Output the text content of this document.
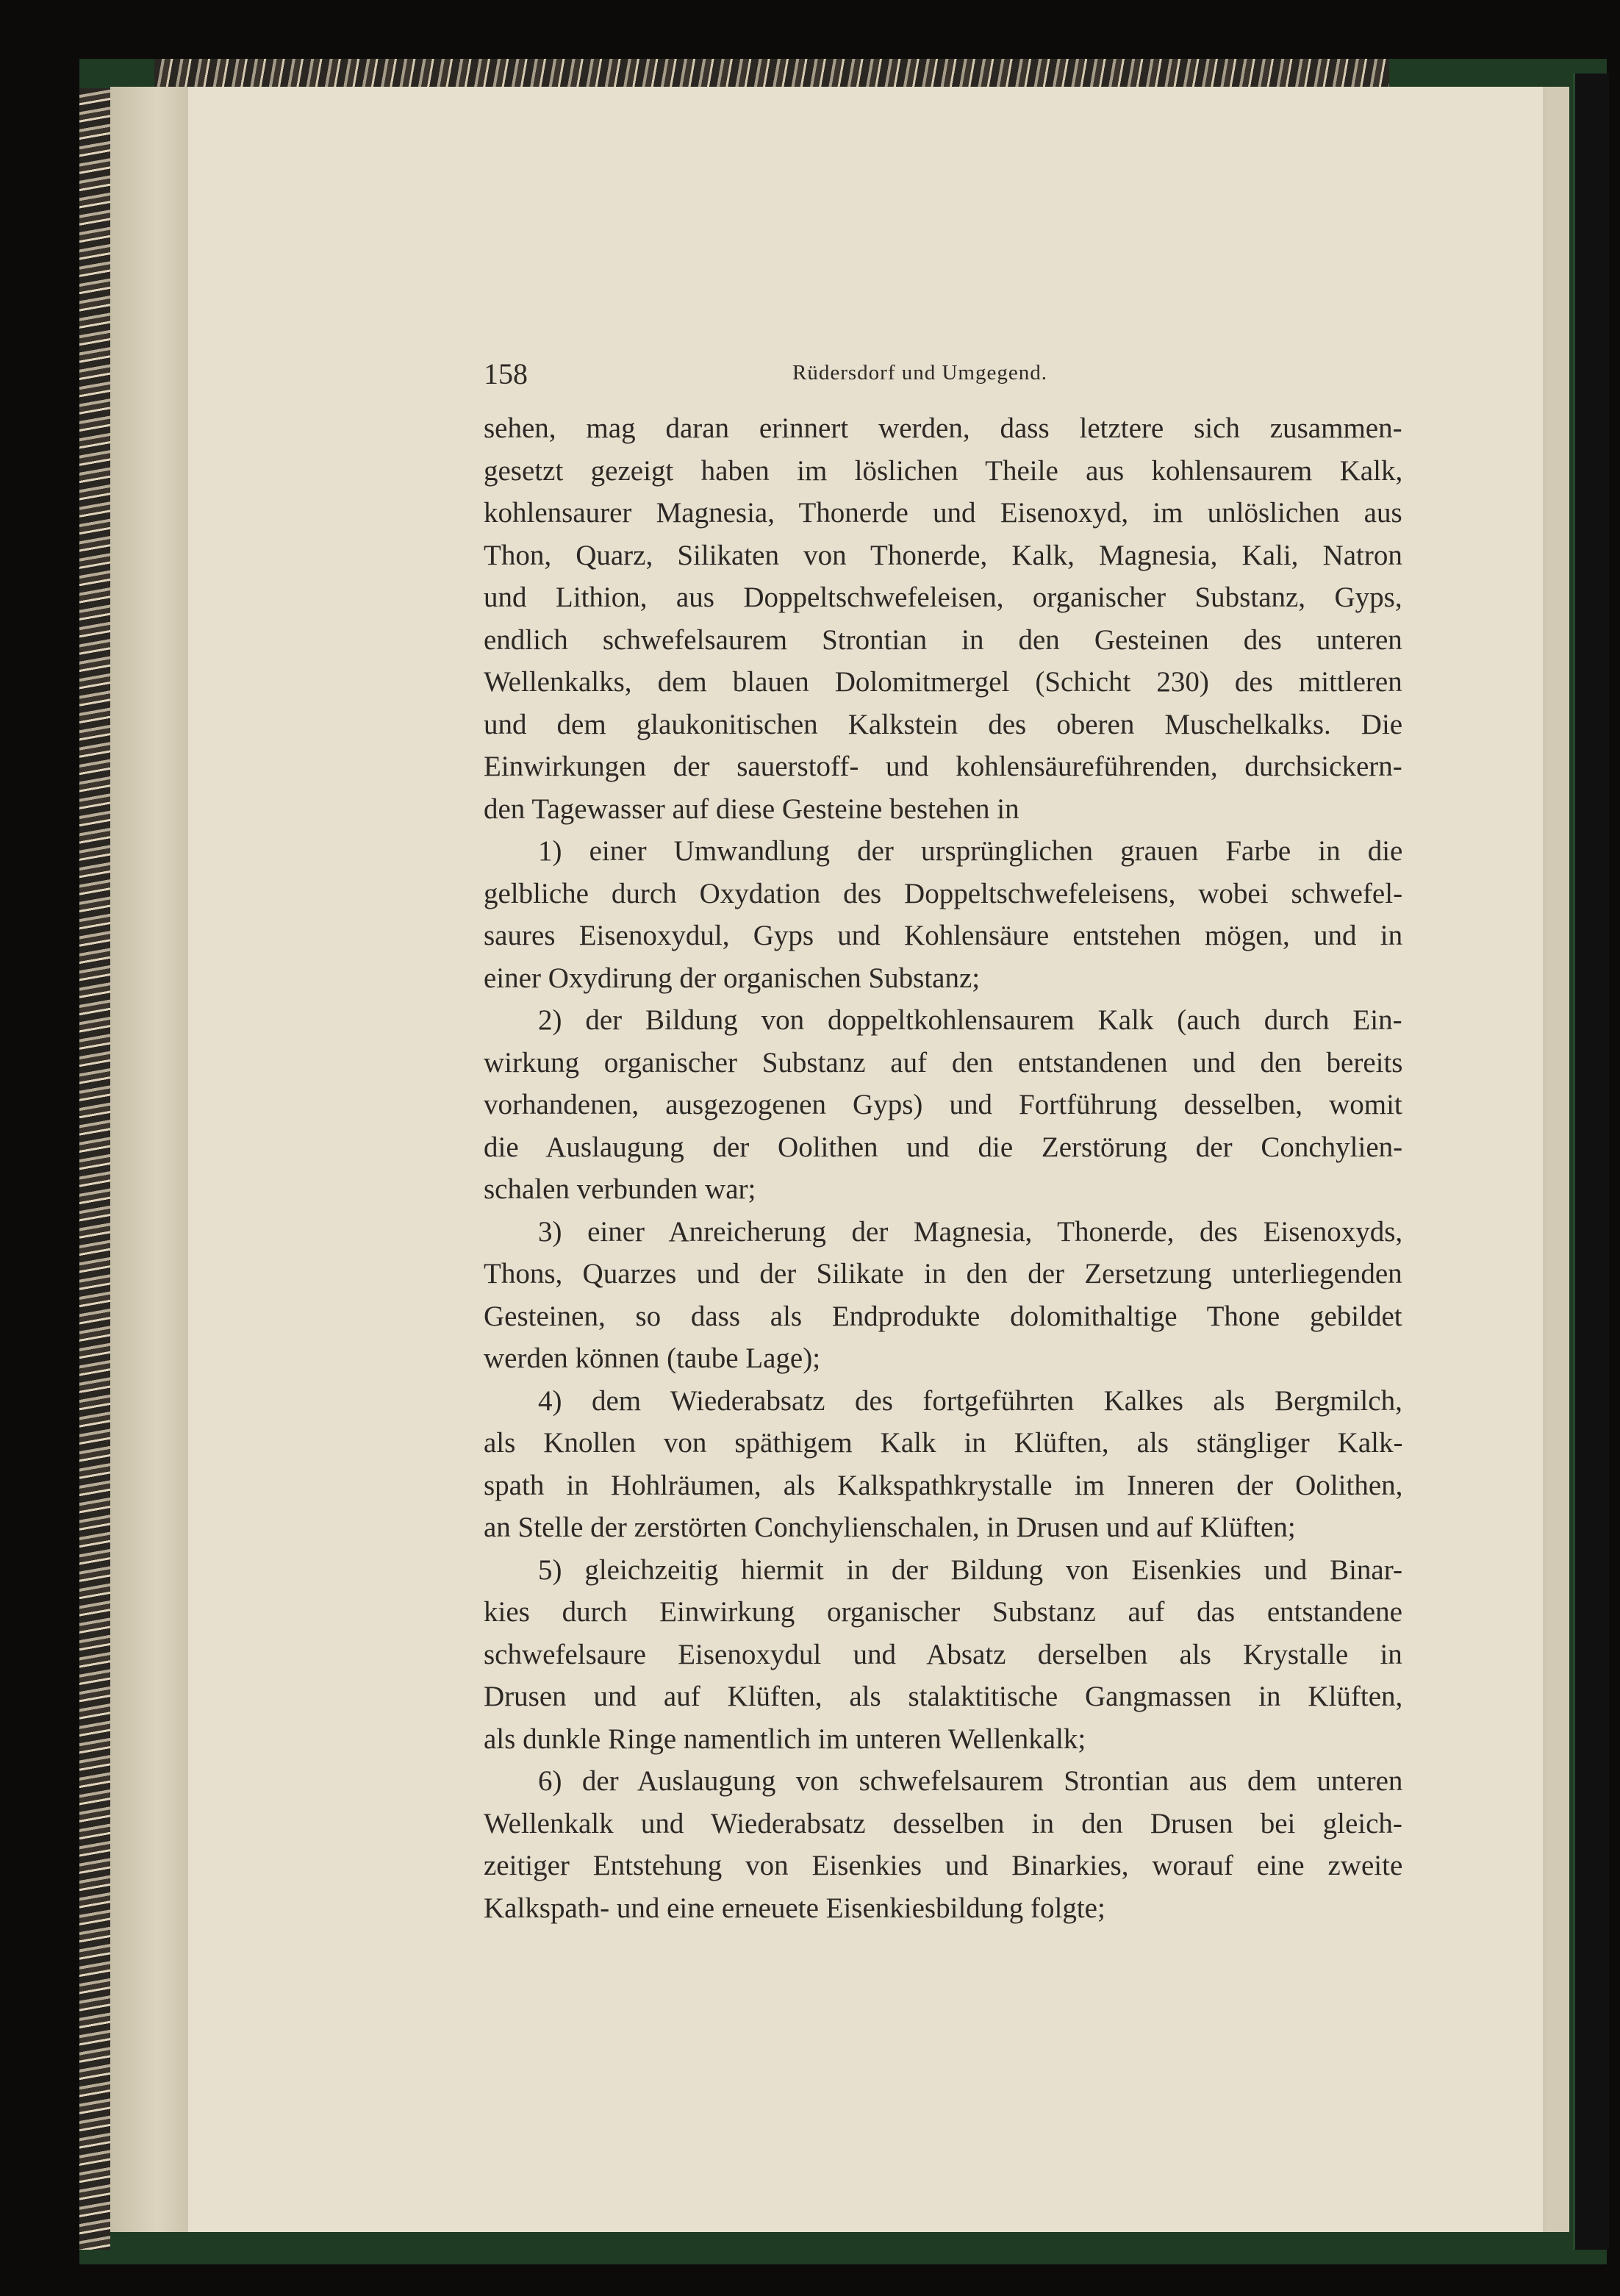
158	Rüdersdorf und Umgegend.
sehen, mag daran erinnert werden, dass letztere sich zusammen-
gesetzt gezeigt haben im löslichen Theile aus kohlensaurem Kalk,
kohlensaurer Magnesia, Thonerde und Eisenoxyd, im unlöslichen aus
Thon, Quarz, Silikaten von Thonerde, Kalk, Magnesia, Kali, Natron
und Lithion, aus Doppeltschwefeleisen, organischer Substanz, Gyps,
endlich schwefelsaurem Strontian in den Gesteinen des unteren
Wellenkalks, dem blauen Dolomitmergel (Schicht 230) des mittleren
und dem glaukonitischen Kalkstein des oberen Muschelkalks. Die
Einwirkungen der sauerstoff- und kohlensäureführenden, durchsickern-
den Tagewasser auf diese Gesteine bestehen in
1) einer Umwandlung der ursprünglichen grauen Farbe in die
gelbliche durch Oxydation des Doppeltschwefeleisens, wobei schwefel-
saures Eisenoxydul, Gyps und Kohlensäure entstehen mögen, und in
einer Oxydirung der organischen Substanz;
2) der Bildung von doppeltkohlensaurem Kalk (auch durch Ein-
wirkung organischer Substanz auf den entstandenen und den bereits
vorhandenen, ausgezogenen Gyps) und Fortführung desselben, womit
die Auslaugung der Oolithen und die Zerstörung der Conchylien-
schalen verbunden war;
3) einer Anreicherung der Magnesia, Thonerde, des Eisenoxyds,
Thons, Quarzes und der Silikate in den der Zersetzung unterliegenden
Gesteinen, so dass als Endprodukte dolomithaltige Thone gebildet
werden können (taube Lage);
4) dem Wiederabsatz des fortgeführten Kalkes als Bergmilch,
als Knollen von späthigem Kalk in Klüften, als stängliger Kalk-
spath in Hohlräumen, als Kalkspathkrystalle im Inneren der Oolithen,
an Stelle der zerstörten Conchylienschalen, in Drusen und auf Klüften;
5) gleichzeitig hiermit in der Bildung von Eisenkies und Binar-
kies durch Einwirkung organischer Substanz auf das entstandene
schwefelsaure Eisenoxydul und Absatz derselben als Krystalle in
Drusen und auf Klüften, als stalaktitische Gangmassen in Klüften,
als dunkle Ringe namentlich im unteren Wellenkalk;
6) der Auslaugung von schwefelsaurem Strontian aus dem unteren
Wellenkalk und Wiederabsatz desselben in den Drusen bei gleich-
zeitiger Entstehung von Eisenkies und Binarkies, worauf eine zweite
Kalkspath- und eine erneuete Eisenkiesbildung folgte;
